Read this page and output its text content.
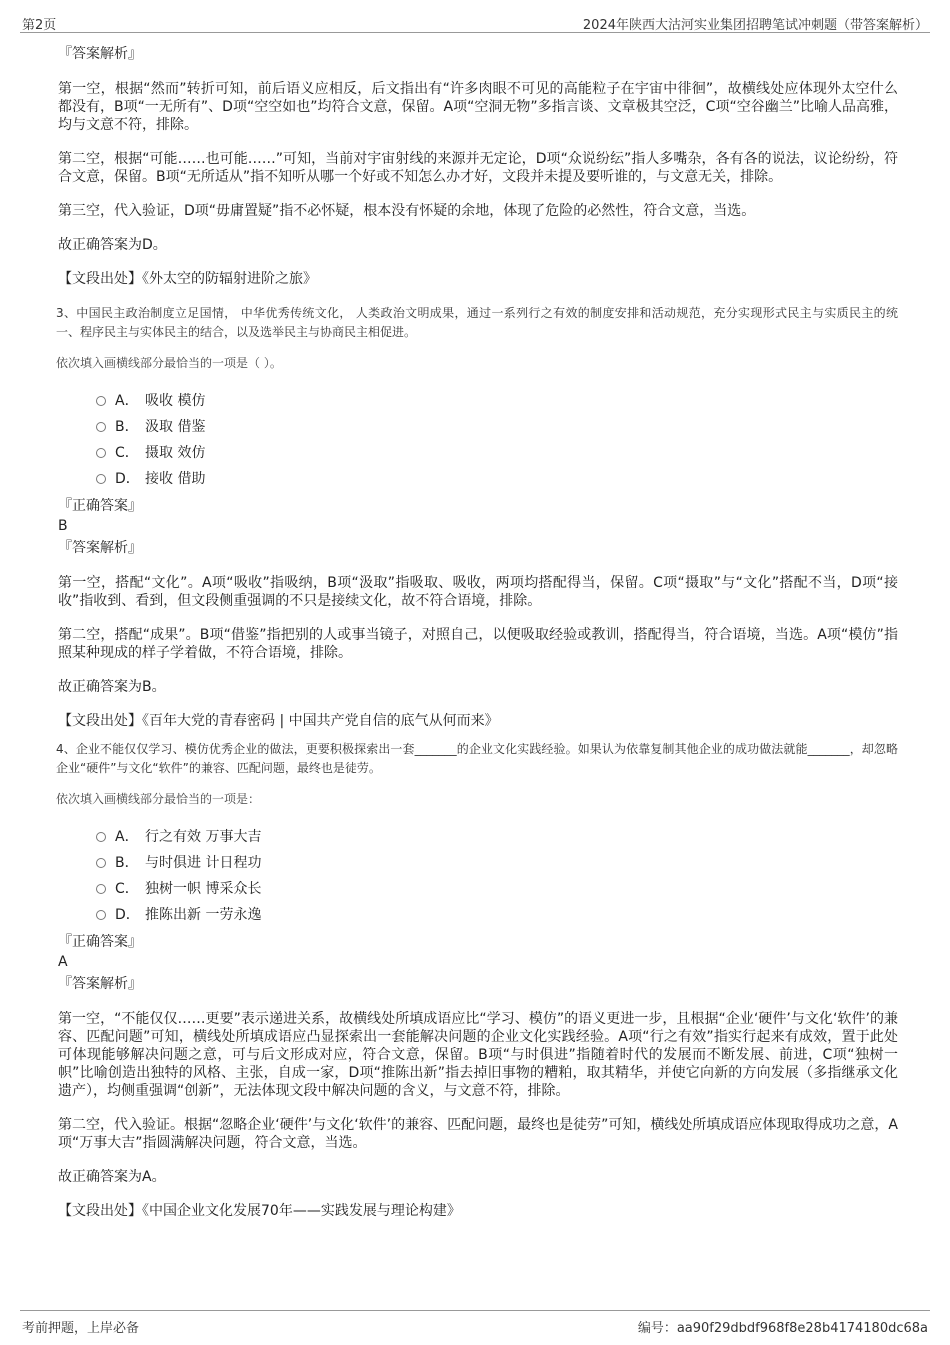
第2页	2024年陕西大沽河实业集团招聘笔试冲刺题（带答案解析）
『答案解析』

第一空，根据“然而”转折可知，前后语义应相反，后文指出有“许多肉眼不可见的高能粒子在宇宙中徘徊”，故横线处应体现外太空什么都没有，B项“一无所有”、D项“空空如也”均符合文意，保留。A项“空洞无物”多指言谈、文章极其空泛，C项“空谷幽兰”比喻人品高雅，均与文意不符，排除。

第二空，根据“可能……也可能……”可知，当前对宇宙射线的来源并无定论，D项“众说纷纭”指人多嘴杂，各有各的说法，议论纷纷，符合文意，保留。B项“无所适从”指不知听从哪一个好或不知怎么办才好，文段并未提及要听谁的，与文意无关，排除。

第三空，代入验证，D项“毋庸置疑”指不必怀疑，根本没有怀疑的余地，体现了危险的必然性，符合文意，当选。

故正确答案为D。

【文段出处】《外太空的防辐射进阶之旅》

3、中国民主政治制度立足国情， 中华优秀传统文化， 人类政治文明成果，通过一系列行之有效的制度安排和活动规范，充分实现形式民主与实质民主的统一、程序民主与实体民主的结合，以及选举民主与协商民主相促进。

依次填入画横线部分最恰当的一项是（ ）。

A． 吸收 模仿
B． 汲取 借鉴
C． 摄取 效仿
D． 接收 借助
『正确答案』
B
『答案解析』

第一空，搭配“文化”。A项“吸收”指吸纳，B项“汲取”指吸取、吸收，两项均搭配得当，保留。C项“摄取”与“文化”搭配不当，D项“接收”指收到、看到，但文段侧重强调的不只是接续文化，故不符合语境，排除。

第二空，搭配“成果”。B项“借鉴”指把别的人或事当镜子，对照自己，以便吸取经验或教训，搭配得当，符合语境，当选。A项“模仿”指照某种现成的样子学着做，不符合语境，排除。

故正确答案为B。

【文段出处】《百年大党的青春密码 | 中国共产党自信的底气从何而来》

4、企业不能仅仅学习、模仿优秀企业的做法，更要积极探索出一套_______的企业文化实践经验。如果认为依靠复制其他企业的成功做法就能_______，却忽略企业“硬件”与文化“软件”的兼容、匹配问题，最终也是徒劳。

依次填入画横线部分最恰当的一项是：

A． 行之有效 万事大吉
B． 与时俱进 计日程功
C． 独树一帜 博采众长
D． 推陈出新 一劳永逸
『正确答案』
A
『答案解析』

第一空，“不能仅仅……更要”表示递进关系，故横线处所填成语应比“学习、模仿”的语义更进一步，且根据“企业‘硬件’与文化‘软件’的兼容、匹配问题”可知，横线处所填成语应凸显探索出一套能解决问题的企业文化实践经验。A项“行之有效”指实行起来有成效，置于此处可体现能够解决问题之意，可与后文形成对应，符合文意，保留。B项“与时俱进”指随着时代的发展而不断发展、前进，C项“独树一帜”比喻创造出独特的风格、主张，自成一家，D项“推陈出新”指去掉旧事物的糟粕，取其精华，并使它向新的方向发展（多指继承文化遗产），均侧重强调“创新”，无法体现文段中解决问题的含义，与文意不符，排除。

第二空，代入验证。根据“忽略企业‘硬件’与文化‘软件’的兼容、匹配问题，最终也是徒劳”可知，横线处所填成语应体现取得成功之意，A项“万事大吉”指圆满解决问题，符合文意，当选。

故正确答案为A。

【文段出处】《中国企业文化发展70年——实践发展与理论构建》

考前押题，上岸必备	编号：aa90f29dbdf968f8e28b4174180dc68a
